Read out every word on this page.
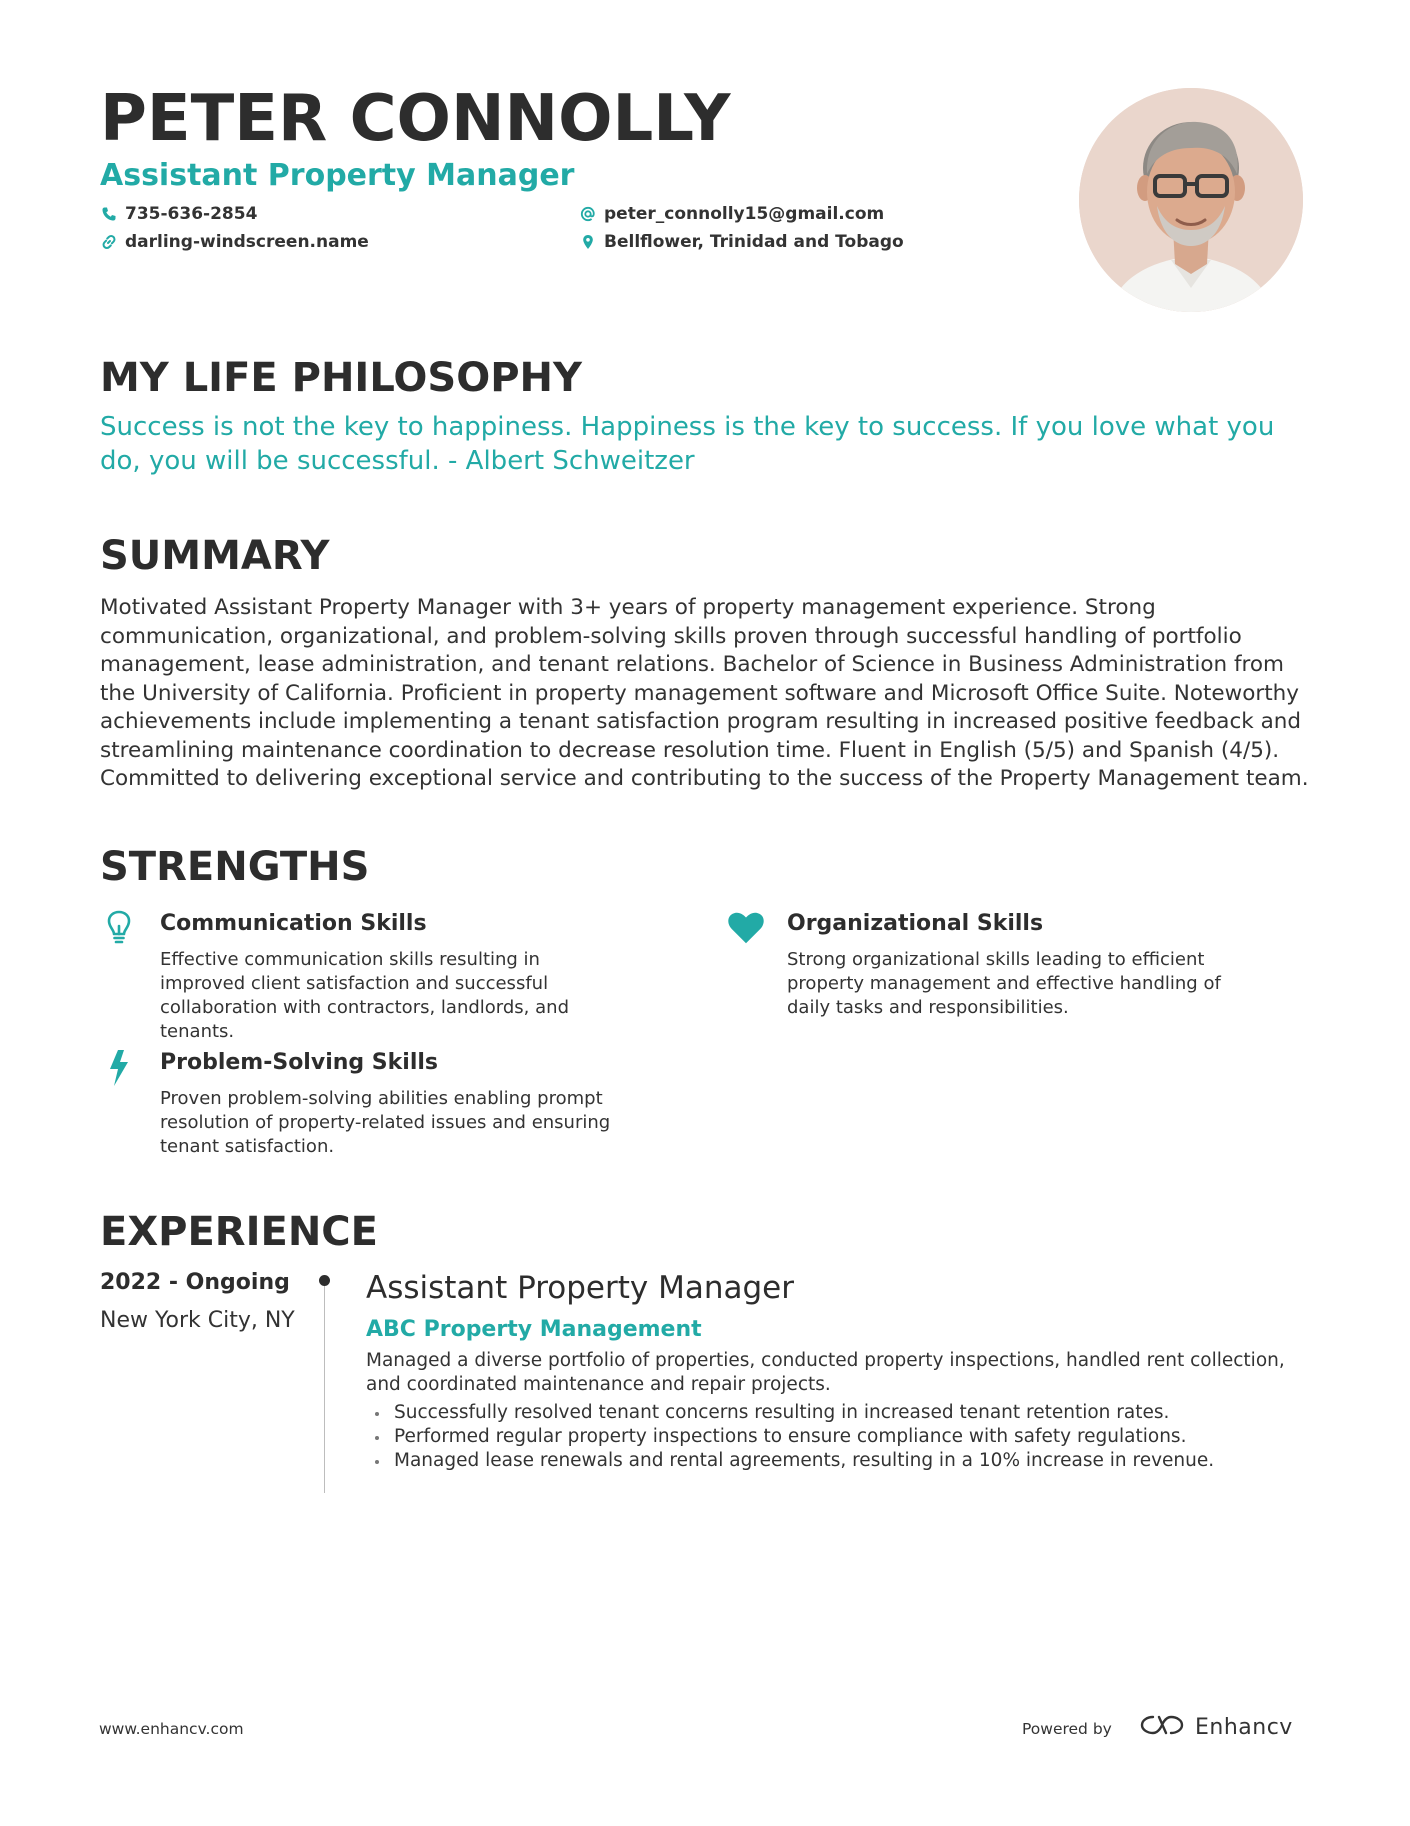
PETER CONNOLLY
Assistant Property Manager
735-636-2854
darling-windscreen.name
peter_connolly15@gmail.com
Bellflower, Trinidad and Tobago
MY LIFE PHILOSOPHY
Success is not the key to happiness. Happiness is the key to success. If you love what you do, you will be successful. - Albert Schweitzer
SUMMARY
Motivated Assistant Property Manager with 3+ years of property management experience. Strong communication, organizational, and problem-solving skills proven through successful handling of portfolio management, lease administration, and tenant relations. Bachelor of Science in Business Administration from the University of California. Proficient in property management software and Microsoft Office Suite. Noteworthy achievements include implementing a tenant satisfaction program resulting in increased positive feedback and streamlining maintenance coordination to decrease resolution time. Fluent in English (5/5) and Spanish (4/5). Committed to delivering exceptional service and contributing to the success of the Property Management team.
STRENGTHS
Communication Skills
Effective communication skills resulting in improved client satisfaction and successful collaboration with contractors, landlords, and tenants.
Organizational Skills
Strong organizational skills leading to efficient property management and effective handling of daily tasks and responsibilities.
Problem-Solving Skills
Proven problem-solving abilities enabling prompt resolution of property-related issues and ensuring tenant satisfaction.
EXPERIENCE
2022 - Ongoing
New York City, NY
Assistant Property Manager
ABC Property Management
Managed a diverse portfolio of properties, conducted property inspections, handled rent collection, and coordinated maintenance and repair projects.
Successfully resolved tenant concerns resulting in increased tenant retention rates.
Performed regular property inspections to ensure compliance with safety regulations.
Managed lease renewals and rental agreements, resulting in a 10% increase in revenue.
www.enhancv.com	Powered by	Enhancv
